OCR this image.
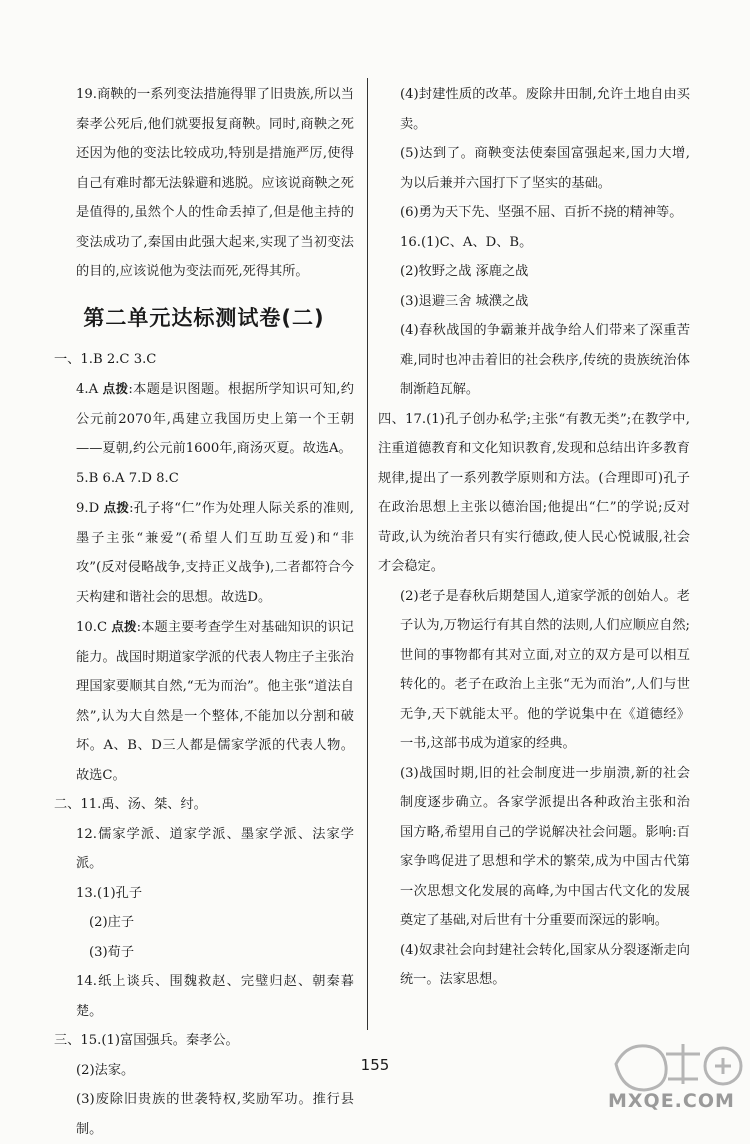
19.商鞅的一系列变法措施得罪了旧贵族,所以当秦孝公死后,他们就要报复商鞅。同时,商鞅之死还因为他的变法比较成功,特别是措施严厉,使得自己有难时都无法躲避和逃脱。应该说商鞅之死是值得的,虽然个人的性命丢掉了,但是他主持的变法成功了,秦国由此强大起来,实现了当初变法的目的,应该说他为变法而死,死得其所。

第二单元达标测试卷(二)

一、1.B 2.C 3.C

4.A 点拨:本题是识图题。根据所学知识可知,约公元前2070年,禹建立我国历史上第一个王朝——夏朝,约公元前1600年,商汤灭夏。故选A。

5.B 6.A 7.D 8.C

9.D 点拨:孔子将“仁”作为处理人际关系的准则,墨子主张“兼爱”(希望人们互助互爱)和“非攻”(反对侵略战争,支持正义战争),二者都符合今天构建和谐社会的思想。故选D。

10.C 点拨:本题主要考查学生对基础知识的识记能力。战国时期道家学派的代表人物庄子主张治理国家要顺其自然,“无为而治”。他主张“道法自然”,认为大自然是一个整体,不能加以分割和破坏。A、B、D三人都是儒家学派的代表人物。故选C。

二、11.禹、汤、桀、纣。

12.儒家学派、道家学派、墨家学派、法家学派。

13.(1)孔子

(2)庄子

(3)荀子

14.纸上谈兵、围魏救赵、完璧归赵、朝秦暮楚。

三、15.(1)富国强兵。秦孝公。

(2)法家。

(3)废除旧贵族的世袭特权,奖励军功。推行县制。

(4)封建性质的改革。废除井田制,允许土地自由买卖。

(5)达到了。商鞅变法使秦国富强起来,国力大增,为以后兼并六国打下了坚实的基础。

(6)勇为天下先、坚强不屈、百折不挠的精神等。

16.(1)C、A、D、B。

(2)牧野之战 涿鹿之战

(3)退避三舍 城濮之战

(4)春秋战国的争霸兼并战争给人们带来了深重苦难,同时也冲击着旧的社会秩序,传统的贵族统治体制渐趋瓦解。

四、17.(1)孔子创办私学;主张“有教无类”;在教学中,注重道德教育和文化知识教育,发现和总结出许多教育规律,提出了一系列教学原则和方法。(合理即可)孔子在政治思想上主张以德治国;他提出“仁”的学说;反对苛政,认为统治者只有实行德政,使人民心悦诚服,社会才会稳定。

(2)老子是春秋后期楚国人,道家学派的创始人。老子认为,万物运行有其自然的法则,人们应顺应自然;世间的事物都有其对立面,对立的双方是可以相互转化的。老子在政治上主张“无为而治”,人们与世无争,天下就能太平。他的学说集中在《道德经》一书,这部书成为道家的经典。

(3)战国时期,旧的社会制度进一步崩溃,新的社会制度逐步确立。各家学派提出各种政治主张和治国方略,希望用自己的学说解决社会问题。影响:百家争鸣促进了思想和学术的繁荣,成为中国古代第一次思想文化发展的高峰,为中国古代文化的发展奠定了基础,对后世有十分重要而深远的影响。

(4)奴隶社会向封建社会转化,国家从分裂逐渐走向统一。法家思想。

155
MXQE.COM
